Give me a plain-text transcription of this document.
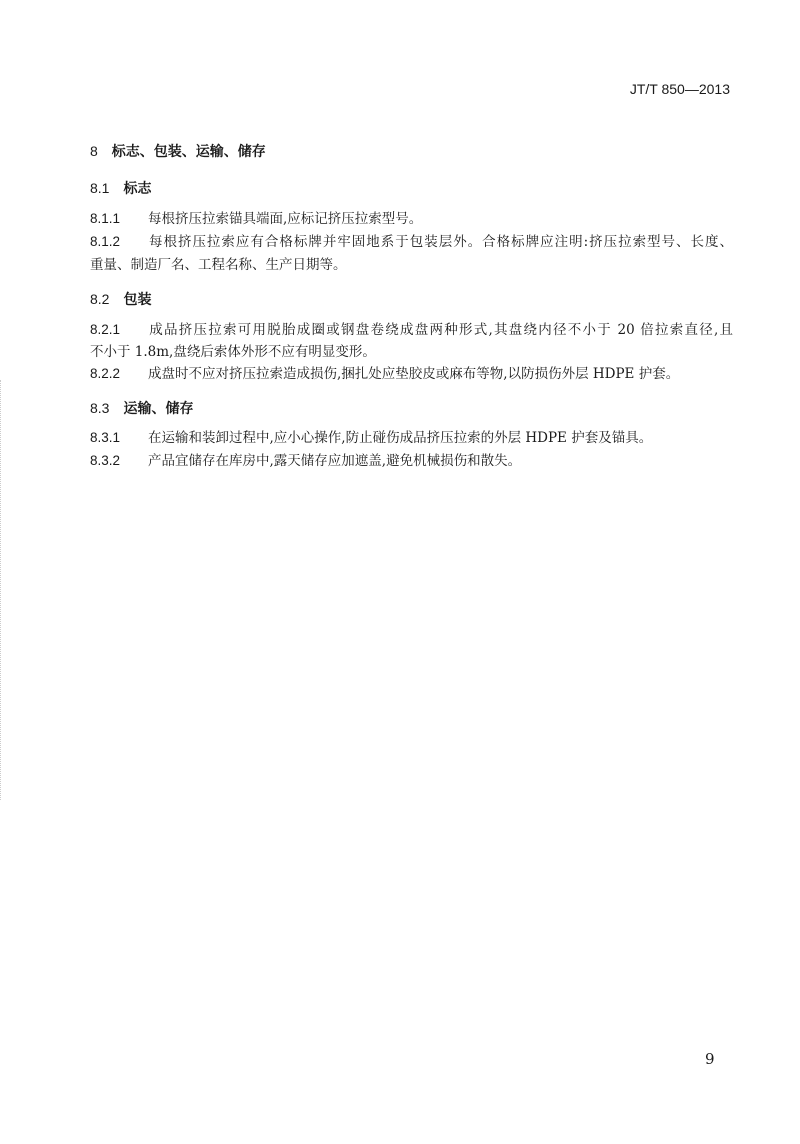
JT/T 850—2013
8 标志、包装、运输、储存
8.1 标志
8.1.1 每根挤压拉索锚具端面,应标记挤压拉索型号。
8.1.2 每根挤压拉索应有合格标牌并牢固地系于包装层外。合格标牌应注明:挤压拉索型号、长度、
重量、制造厂名、工程名称、生产日期等。
8.2 包装
8.2.1 成品挤压拉索可用脱胎成圈或钢盘卷绕成盘两种形式,其盘绕内径不小于 20 倍拉索直径,且
不小于 1.8m,盘绕后索体外形不应有明显变形。
8.2.2 成盘时不应对挤压拉索造成损伤,捆扎处应垫胶皮或麻布等物,以防损伤外层 HDPE 护套。
8.3 运输、储存
8.3.1 在运输和装卸过程中,应小心操作,防止碰伤成品挤压拉索的外层 HDPE 护套及锚具。
8.3.2 产品宜储存在库房中,露天储存应加遮盖,避免机械损伤和散失。
9
